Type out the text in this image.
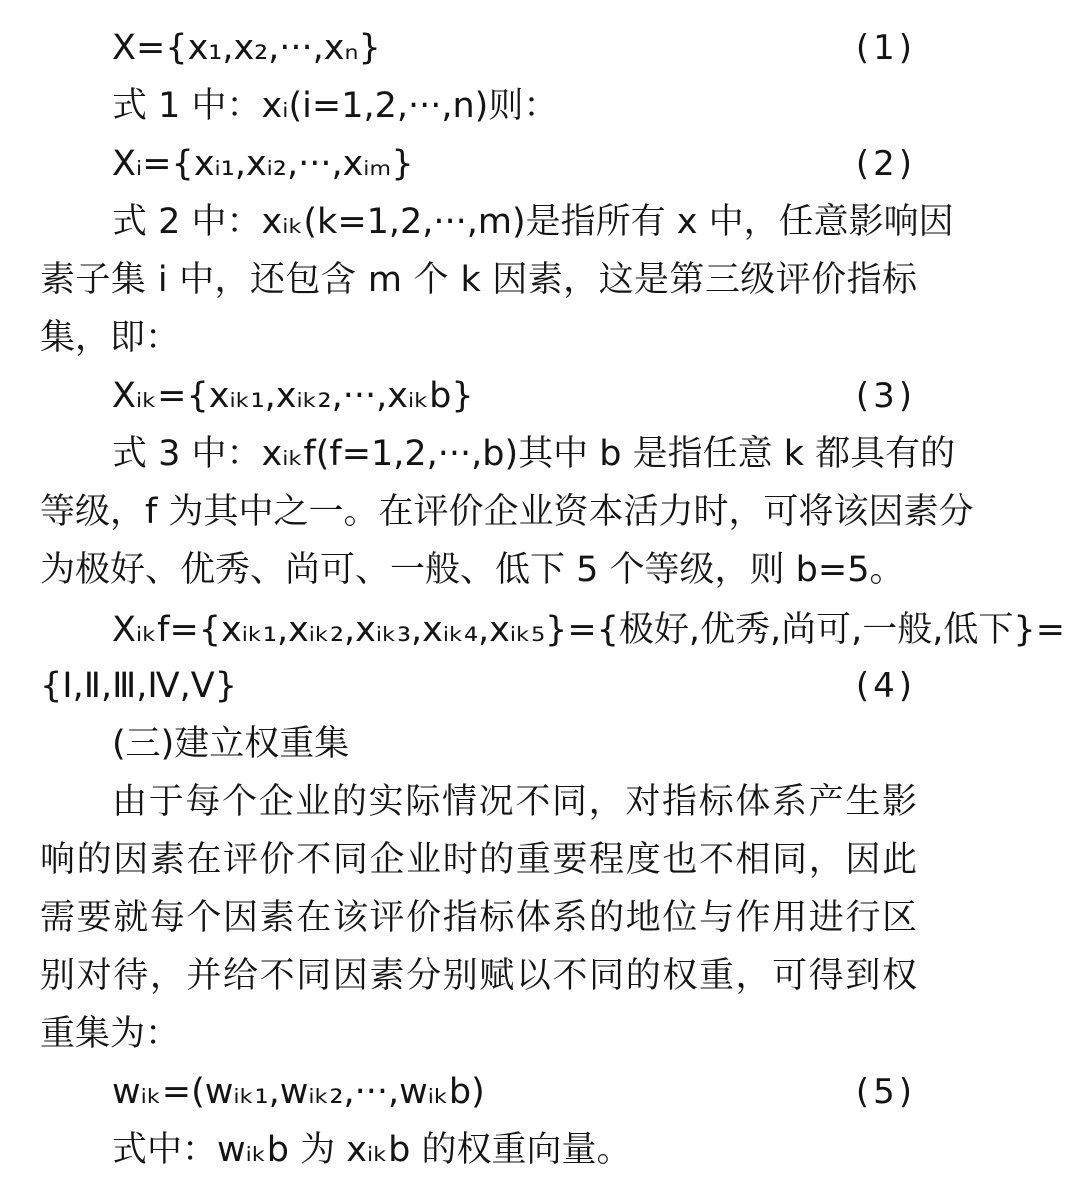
X={x₁,x₂,···,xₙ}	(1)
式 1 中：xᵢ(i=1,2,···,n)则：
Xᵢ={xᵢ₁,xᵢ₂,···,xᵢₘ}	(2)
式 2 中：xᵢₖ(k=1,2,···,m)是指所有 x 中，任意影响因
素子集 i 中，还包含 m 个 k 因素，这是第三级评价指标
集，即：
Xᵢₖ={xᵢₖ₁,xᵢₖ₂,···,xᵢₖb}	(3)
式 3 中：xᵢₖf(f=1,2,···,b)其中 b 是指任意 k 都具有的
等级，f 为其中之一。在评价企业资本活力时，可将该因素分
为极好、优秀、尚可、一般、低下 5 个等级，则 b=5。
Xᵢₖf={xᵢₖ₁,xᵢₖ₂,xᵢₖ₃,xᵢₖ₄,xᵢₖ₅}={极好,优秀,尚可,一般,低下}=
{Ⅰ,Ⅱ,Ⅲ,Ⅳ,Ⅴ}	(4)
(三)建立权重集
由于每个企业的实际情况不同，对指标体系产生影
响的因素在评价不同企业时的重要程度也不相同，因此
需要就每个因素在该评价指标体系的地位与作用进行区
别对待，并给不同因素分别赋以不同的权重，可得到权
重集为：
wᵢₖ=(wᵢₖ₁,wᵢₖ₂,···,wᵢₖb)	(5)
式中：wᵢₖb 为 xᵢₖb 的权重向量。
